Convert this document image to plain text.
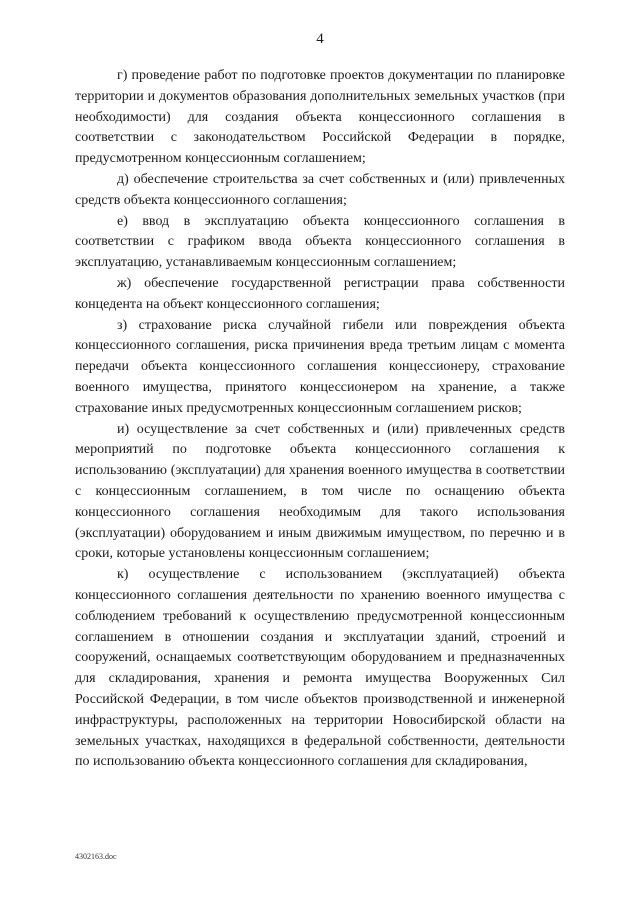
4

г) проведение работ по подготовке проектов документации по планировке территории и документов образования дополнительных земельных участков (при необходимости) для создания объекта концессионного соглашения в соответствии с законодательством Российской Федерации в порядке, предусмотренном концессионным соглашением;

д) обеспечение строительства за счет собственных и (или) привлеченных средств объекта концессионного соглашения;

е) ввод в эксплуатацию объекта концессионного соглашения в соответствии с графиком ввода объекта концессионного соглашения в эксплуатацию, устанавливаемым концессионным соглашением;

ж) обеспечение государственной регистрации права собственности концедента на объект концессионного соглашения;

з) страхование риска случайной гибели или повреждения объекта концессионного соглашения, риска причинения вреда третьим лицам с момента передачи объекта концессионного соглашения концессионеру, страхование военного имущества, принятого концессионером на хранение, а также страхование иных предусмотренных концессионным соглашением рисков;

и) осуществление за счет собственных и (или) привлеченных средств мероприятий по подготовке объекта концессионного соглашения к использованию (эксплуатации) для хранения военного имущества в соответствии с концессионным соглашением, в том числе по оснащению объекта концессионного соглашения необходимым для такого использования (эксплуатации) оборудованием и иным движимым имуществом, по перечню и в сроки, которые установлены концессионным соглашением;

к) осуществление с использованием (эксплуатацией) объекта концессионного соглашения деятельности по хранению военного имущества с соблюдением требований к осуществлению предусмотренной концессионным соглашением в отношении создания и эксплуатации зданий, строений и сооружений, оснащаемых соответствующим оборудованием и предназначенных для складирования, хранения и ремонта имущества Вооруженных Сил Российской Федерации, в том числе объектов производственной и инженерной инфраструктуры, расположенных на территории Новосибирской области на земельных участках, находящихся в федеральной собственности, деятельности по использованию объекта концессионного соглашения для складирования,

4302163.doc
